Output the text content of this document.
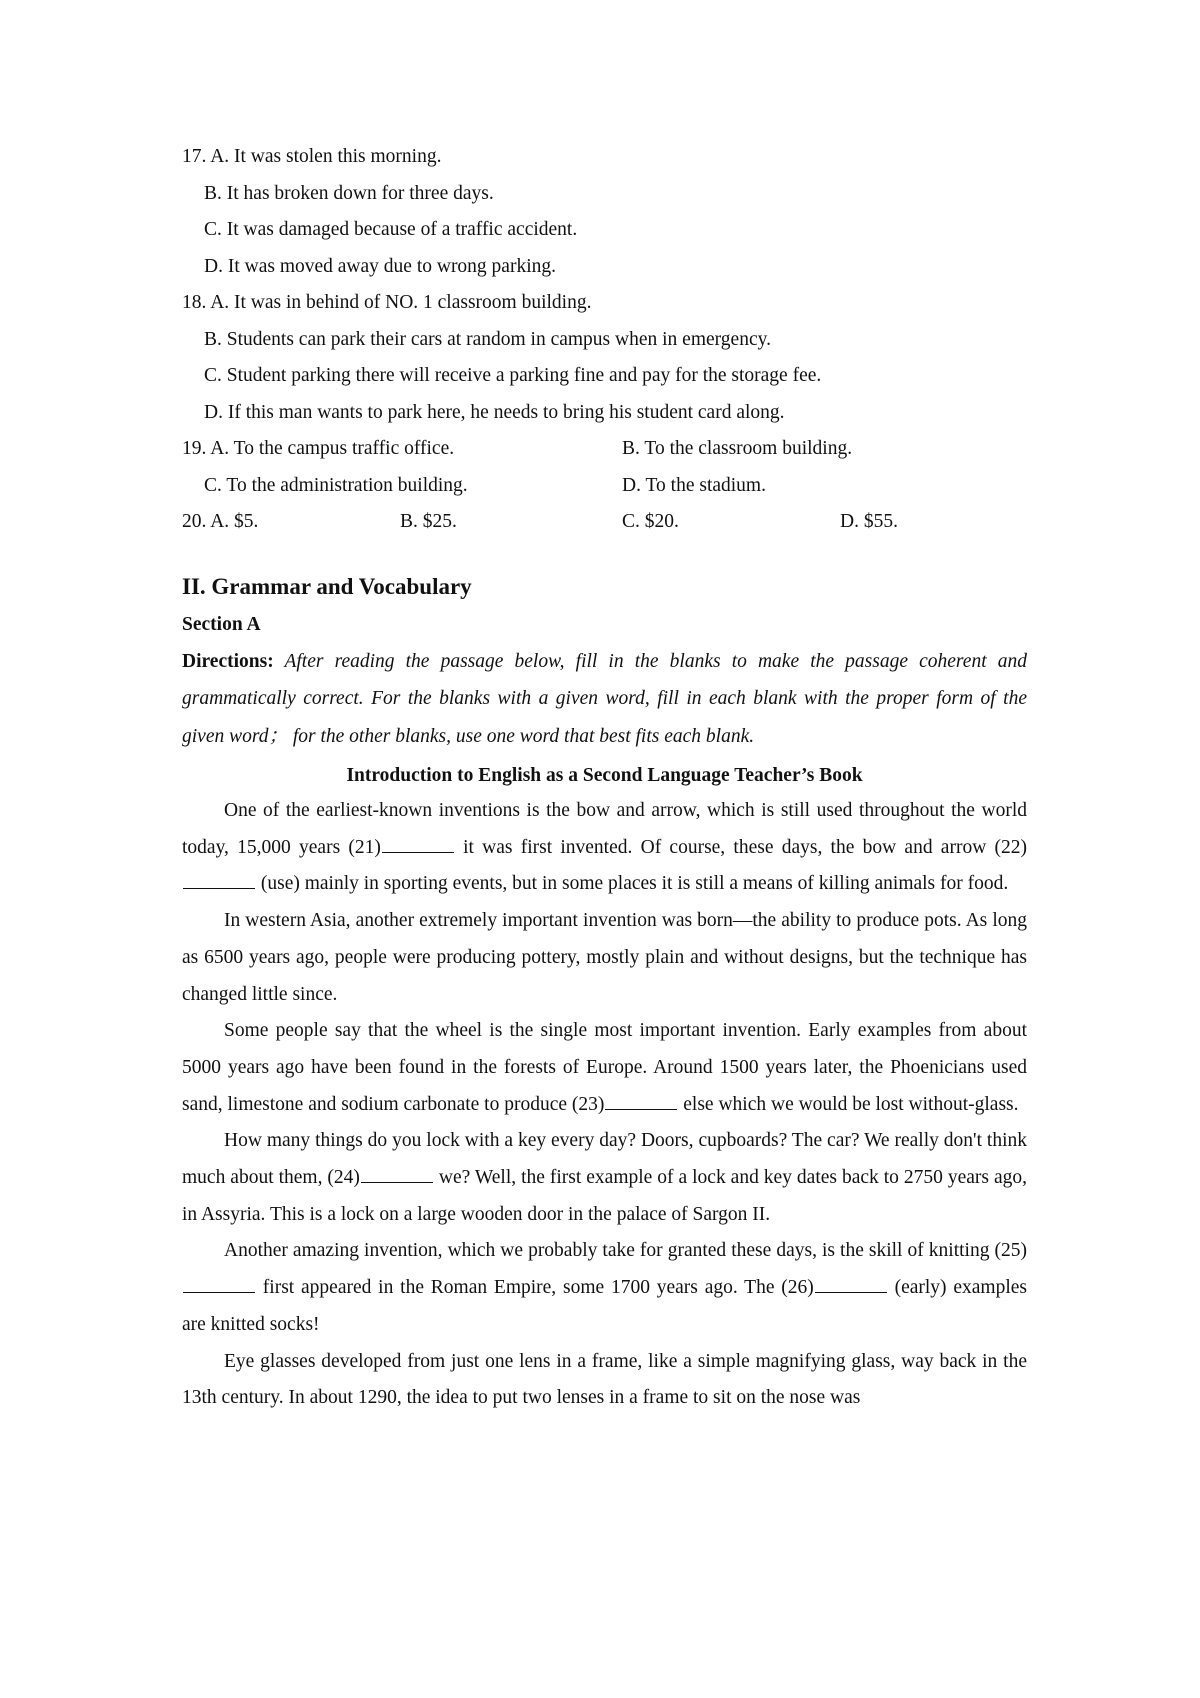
17. A. It was stolen this morning.
B. It has broken down for three days.
C. It was damaged because of a traffic accident.
D. It was moved away due to wrong parking.
18. A. It was in behind of NO. 1 classroom building.
B. Students can park their cars at random in campus when in emergency.
C. Student parking there will receive a parking fine and pay for the storage fee.
D. If this man wants to park here, he needs to bring his student card along.
19. A. To the campus traffic office.	B. To the classroom building.
C. To the administration building.	D. To the stadium.
20. A. $5.	B. $25.	C. $20.	D. $55.
II. Grammar and Vocabulary
Section A
Directions: After reading the passage below, fill in the blanks to make the passage coherent and grammatically correct. For the blanks with a given word, fill in each blank with the proper form of the given word； for the other blanks, use one word that best fits each blank.
Introduction to English as a Second Language Teacher’s Book

One of the earliest-known inventions is the bow and arrow, which is still used throughout the world today, 15,000 years (21)	it was first invented. Of course, these days, the bow and arrow (22) (use) mainly in sporting events, but in some places it is still a means of killing animals for food.

In western Asia, another extremely important invention was born—the ability to produce pots. As long as 6500 years ago, people were producing pottery, mostly plain and without designs, but the technique has changed little since.

Some people say that the wheel is the single most important invention. Early examples from about 5000 years ago have been found in the forests of Europe. Around 1500 years later, the Phoenicians used sand, limestone and sodium carbonate to produce (23)	else which we would be lost without-glass.

How many things do you lock with a key every day? Doors, cupboards? The car? We really don't think much about them, (24)	we? Well, the first example of a lock and key dates back to 2750 years ago, in Assyria. This is a lock on a large wooden door in the palace of Sargon II.

Another amazing invention, which we probably take for granted these days, is the skill of knitting (25) first appeared in the Roman Empire, some 1700 years ago. The (26)	(early) examples are knitted socks!

Eye glasses developed from just one lens in a frame, like a simple magnifying glass, way back in the 13th century. In about 1290, the idea to put two lenses in a frame to sit on the nose was
